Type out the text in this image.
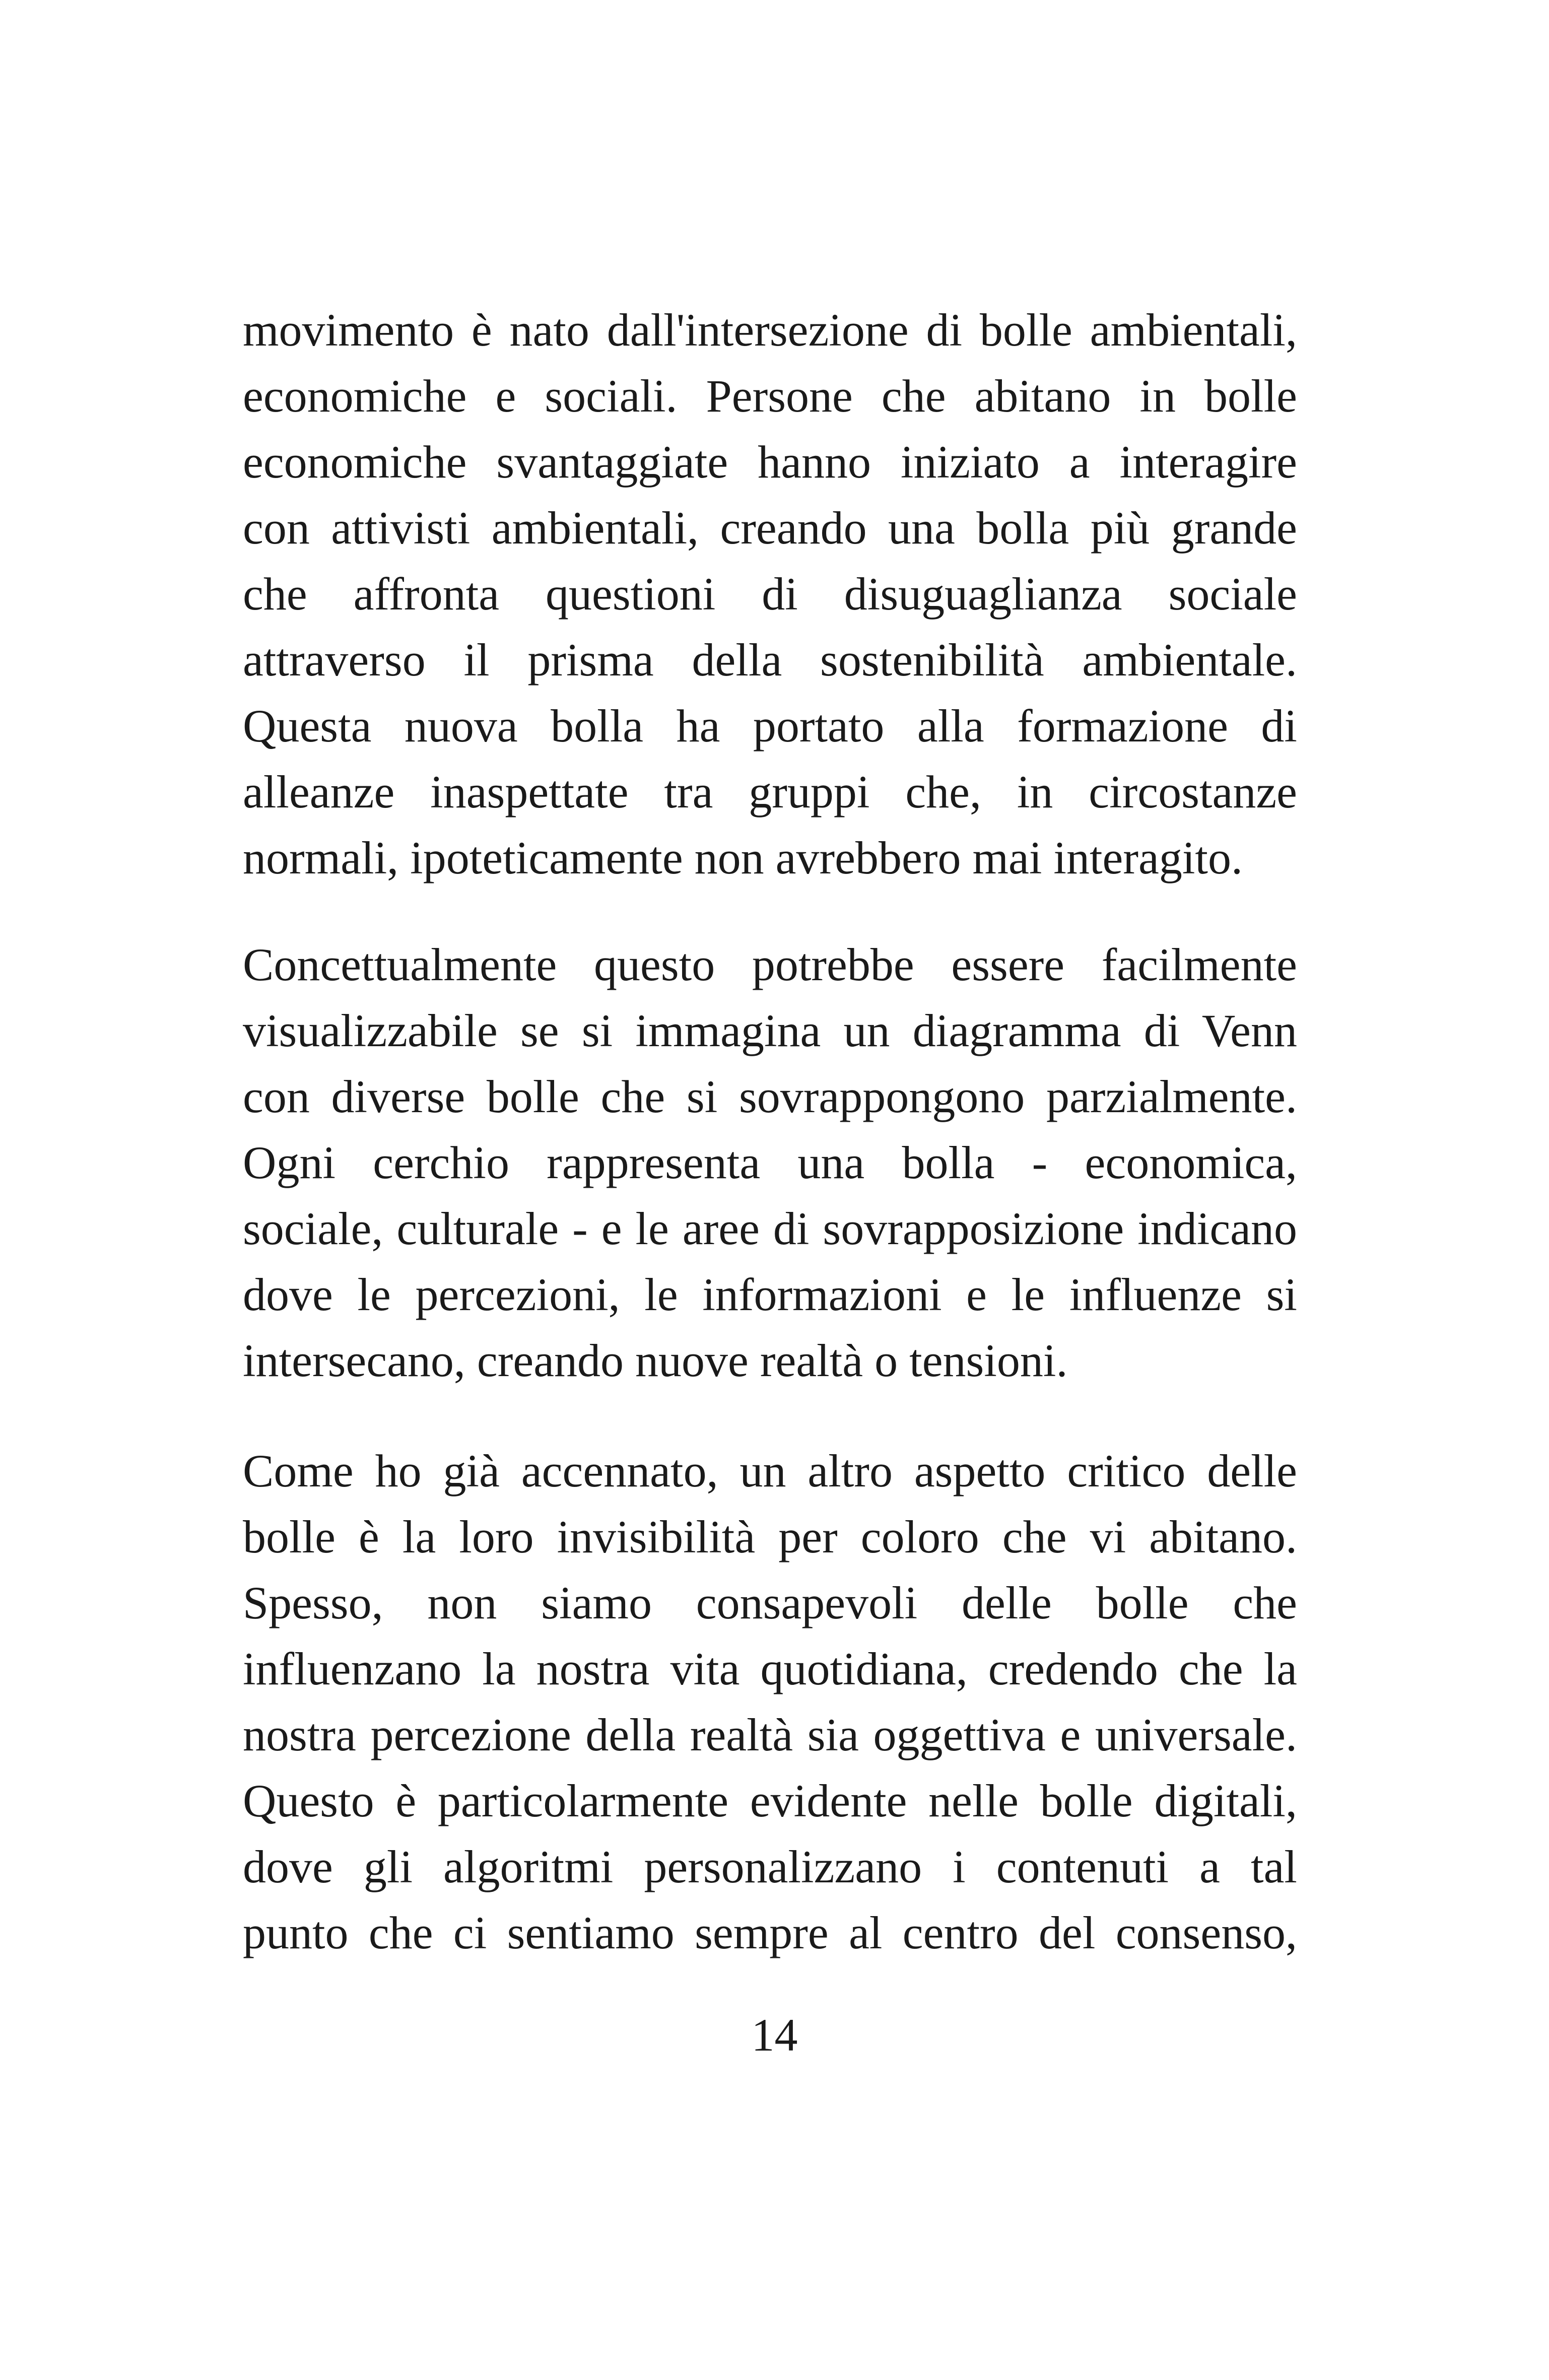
movimento è nato dall'intersezione di bolle ambientali,
economiche e sociali. Persone che abitano in bolle
economiche svantaggiate hanno iniziato a interagire
con attivisti ambientali, creando una bolla più grande
che affronta questioni di disuguaglianza sociale
attraverso il prisma della sostenibilità ambientale.
Questa nuova bolla ha portato alla formazione di
alleanze inaspettate tra gruppi che, in circostanze
normali, ipoteticamente non avrebbero mai interagito.
Concettualmente questo potrebbe essere facilmente
visualizzabile se si immagina un diagramma di Venn
con diverse bolle che si sovrappongono parzialmente.
Ogni cerchio rappresenta una bolla - economica,
sociale, culturale - e le aree di sovrapposizione indicano
dove le percezioni, le informazioni e le influenze si
intersecano, creando nuove realtà o tensioni.
Come ho già accennato, un altro aspetto critico delle
bolle è la loro invisibilità per coloro che vi abitano.
Spesso, non siamo consapevoli delle bolle che
influenzano la nostra vita quotidiana, credendo che la
nostra percezione della realtà sia oggettiva e universale.
Questo è particolarmente evidente nelle bolle digitali,
dove gli algoritmi personalizzano i contenuti a tal
punto che ci sentiamo sempre al centro del consenso,
14
